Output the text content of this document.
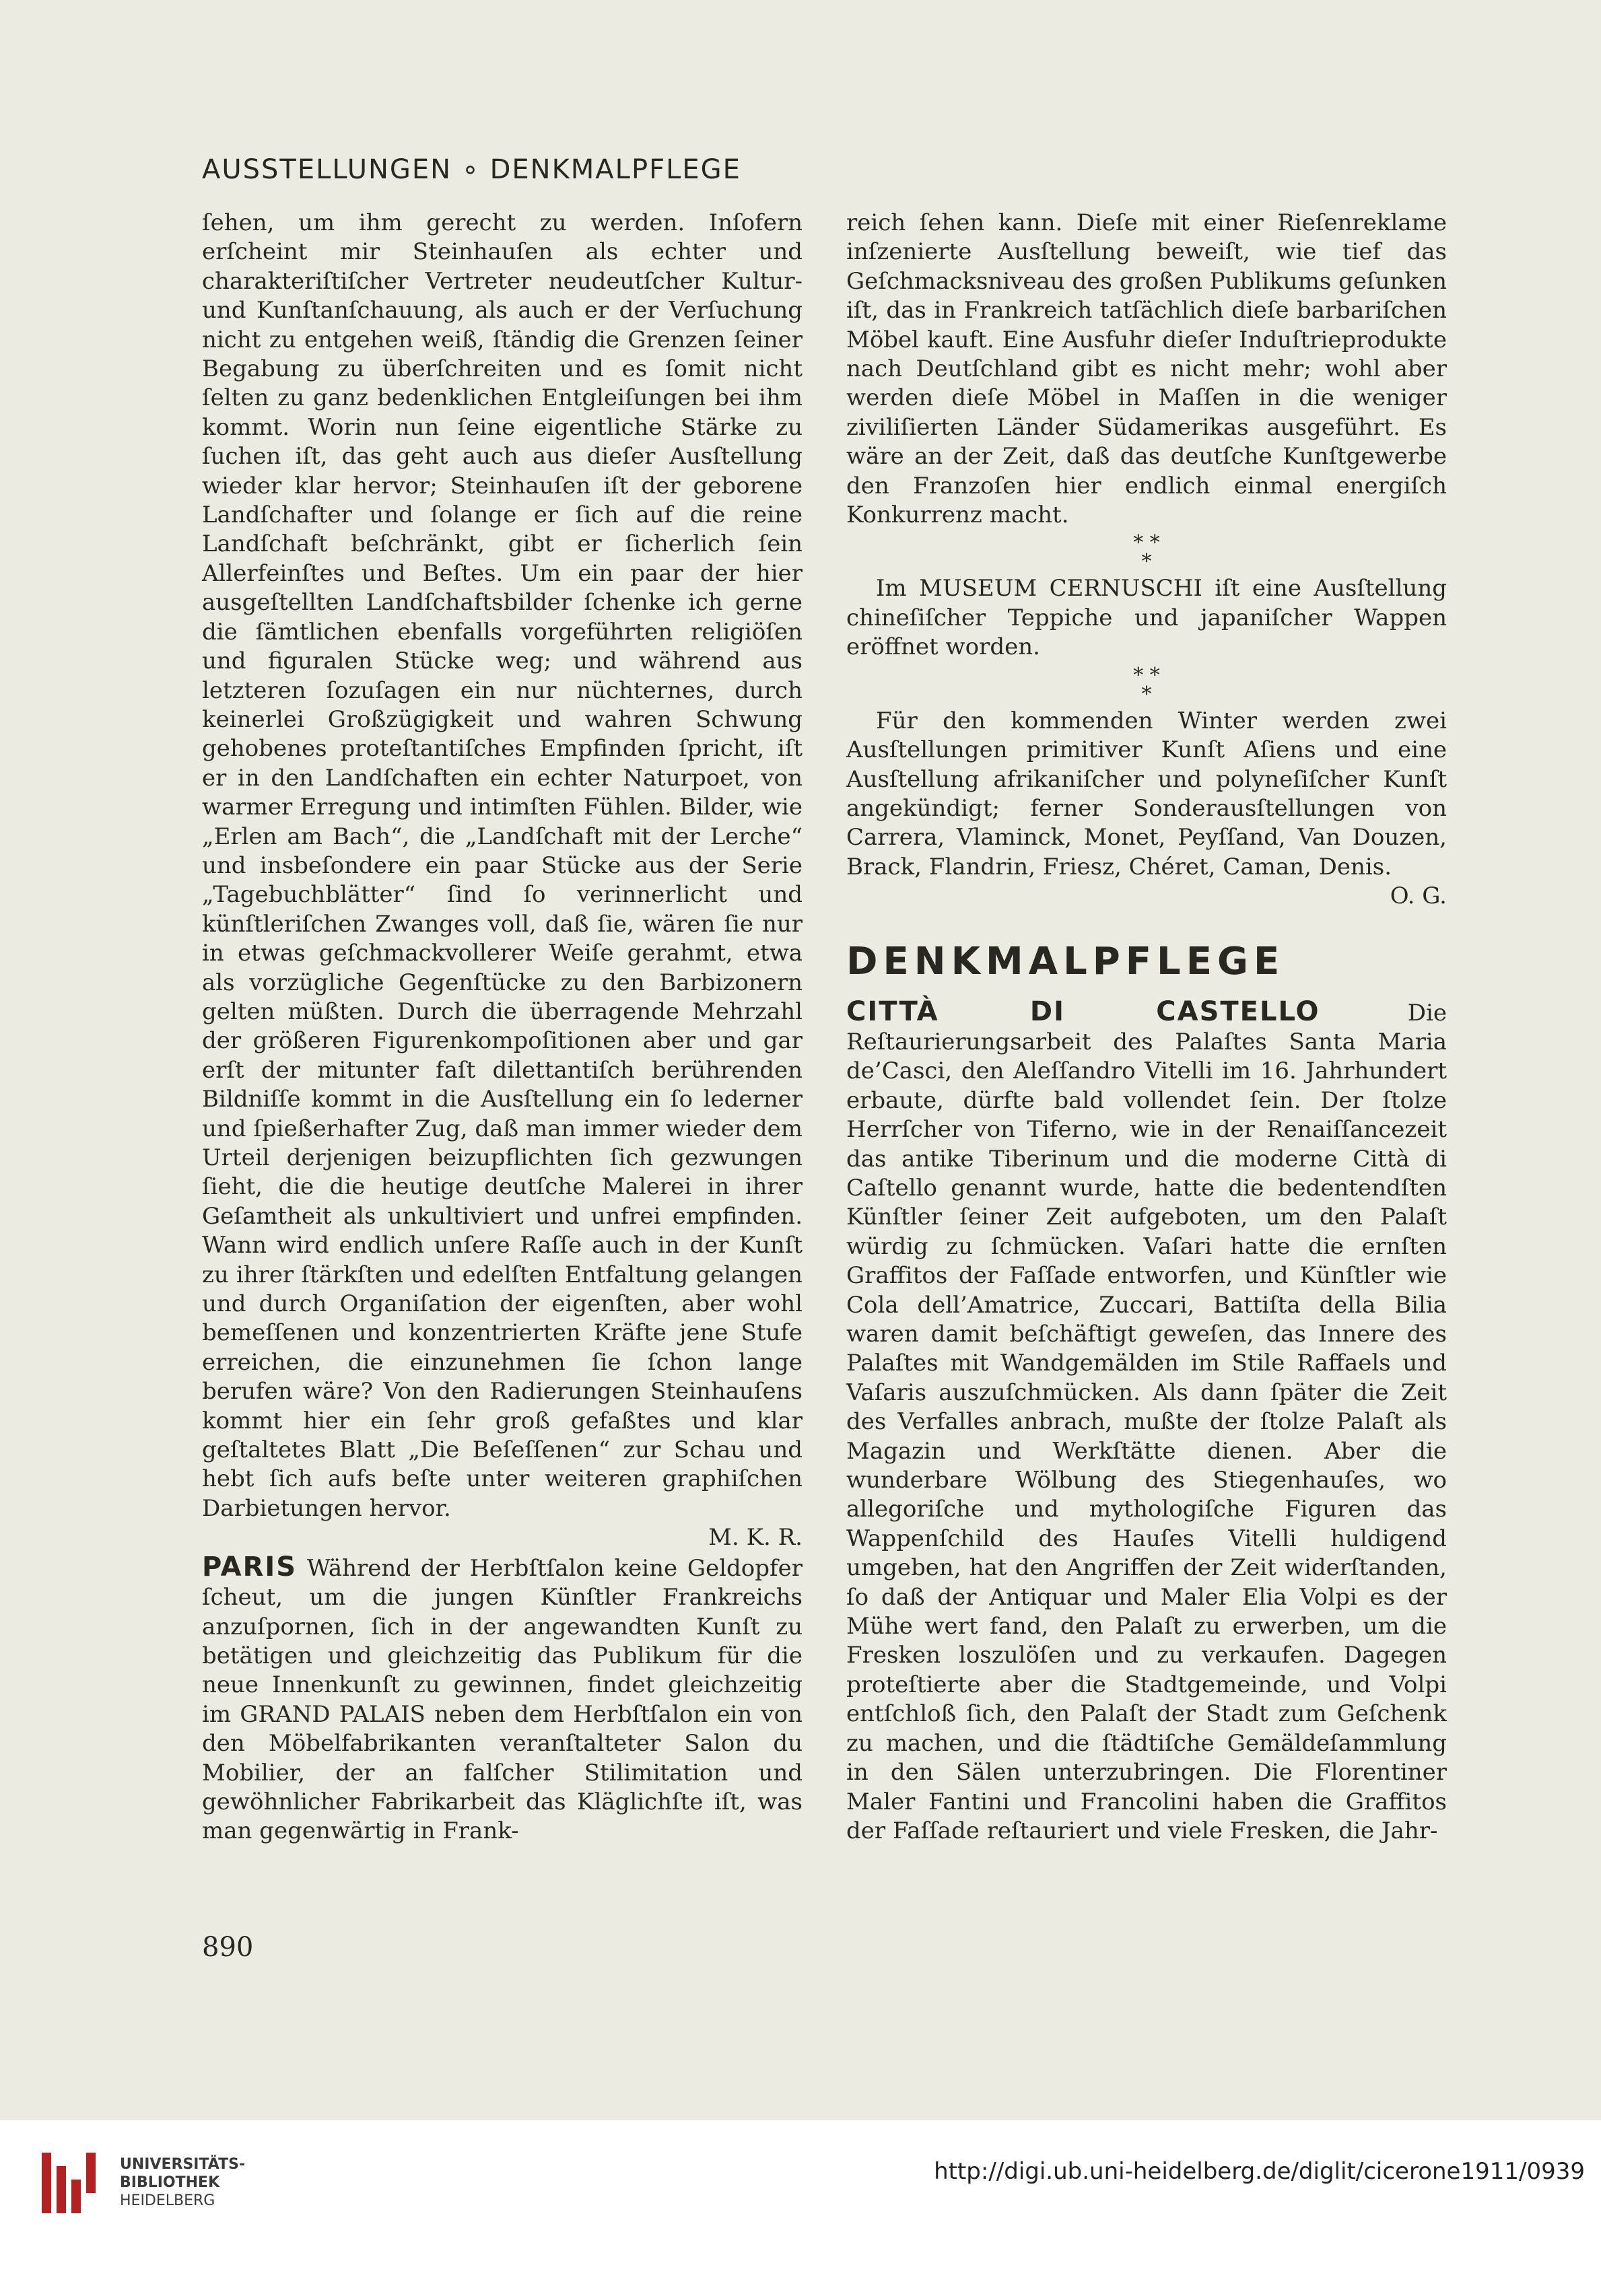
AUSSTELLUNGEN ∘ DENKMALPFLEGE

ſehen, um ihm gerecht zu werden. Inſofern erſcheint mir Steinhauſen als echter und charakteriſtiſcher Vertreter neudeutſcher Kultur- und Kunſtanſchauung, als auch er der Verſuchung nicht zu entgehen weiß, ſtändig die Grenzen ſeiner Begabung zu überſchreiten und es ſomit nicht ſelten zu ganz bedenklichen Entgleiſungen bei ihm kommt. Worin nun ſeine eigentliche Stärke zu ſuchen iſt, das geht auch aus dieſer Ausſtellung wieder klar hervor; Steinhauſen iſt der geborene Landſchafter und ſolange er ſich auf die reine Landſchaft beſchränkt, gibt er ſicherlich ſein Allerfeinſtes und Beſtes. Um ein paar der hier ausgeſtellten Landſchaftsbilder ſchenke ich gerne die ſämtlichen ebenfalls vorgeführten religiöſen und figuralen Stücke weg; und während aus letzteren ſozuſagen ein nur nüchternes, durch keinerlei Großzügigkeit und wahren Schwung gehobenes proteſtantiſches Empfinden ſpricht, iſt er in den Landſchaften ein echter Naturpoet, von warmer Erregung und intimſten Fühlen. Bilder, wie „Erlen am Bach“, die „Landſchaft mit der Lerche“ und insbeſondere ein paar Stücke aus der Serie „Tagebuchblätter“ ſind ſo verinnerlicht und künſtleriſchen Zwanges voll, daß ſie, wären ſie nur in etwas geſchmackvollerer Weiſe gerahmt, etwa als vorzügliche Gegenſtücke zu den Barbizonern gelten müßten. Durch die überragende Mehrzahl der größeren Figurenkompoſitionen aber und gar erſt der mitunter faſt dilettantiſch berührenden Bildniſſe kommt in die Ausſtellung ein ſo lederner und ſpießerhafter Zug, daß man immer wieder dem Urteil derjenigen beizupflichten ſich gezwungen ſieht, die die heutige deutſche Malerei in ihrer Geſamtheit als unkultiviert und unfrei empfinden. Wann wird endlich unſere Raſſe auch in der Kunſt zu ihrer ſtärkſten und edelſten Entfaltung gelangen und durch Organiſation der eigenſten, aber wohl bemeſſenen und konzentrierten Kräfte jene Stufe erreichen, die einzunehmen ſie ſchon lange berufen wäre? Von den Radierungen Steinhauſens kommt hier ein ſehr groß gefaßtes und klar geſtaltetes Blatt „Die Beſeſſenen“ zur Schau und hebt ſich aufs beſte unter weiteren graphiſchen Darbietungen hervor.

M. K. R.

PARIS Während der Herbſtſalon keine Geldopfer ſcheut, um die jungen Künſtler Frankreichs anzuſpornen, ſich in der angewandten Kunſt zu betätigen und gleichzeitig das Publikum für die neue Innenkunſt zu gewinnen, findet gleichzeitig im GRAND PALAIS neben dem Herbſtſalon ein von den Möbelfabrikanten veranſtalteter Salon du Mobilier, der an falſcher Stilimitation und gewöhnlicher Fabrikarbeit das Kläglichſte iſt, was man gegenwärtig in Frank-

reich ſehen kann. Dieſe mit einer Rieſenreklame inſzenierte Ausſtellung beweiſt, wie tief das Geſchmacksniveau des großen Publikums geſunken iſt, das in Frankreich tatſächlich dieſe barbariſchen Möbel kauft. Eine Ausfuhr dieſer Induſtrieprodukte nach Deutſchland gibt es nicht mehr; wohl aber werden dieſe Möbel in Maſſen in die weniger ziviliſierten Länder Südamerikas ausgeführt. Es wäre an der Zeit, daß das deutſche Kunſtgewerbe den Franzoſen hier endlich einmal energiſch Konkurrenz macht.

* *
*

Im MUSEUM CERNUSCHI iſt eine Ausſtellung chineſiſcher Teppiche und japaniſcher Wappen eröffnet worden.

* *
*

Für den kommenden Winter werden zwei Ausſtellungen primitiver Kunſt Aſiens und eine Ausſtellung afrikaniſcher und polyneſiſcher Kunſt angekündigt; ferner Sonderausſtellungen von Carrera, Vlaminck, Monet, Peyſſand, Van Douzen, Brack, Flandrin, Friesz, Chéret, Caman, Denis.

O. G.

DENKMALPFLEGE

CITTÀ DI CASTELLO	Die Reſtaurierungsarbeit des Palaſtes Santa Maria de’Casci, den Aleſſandro Vitelli im 16. Jahrhundert erbaute, dürfte bald vollendet ſein. Der ſtolze Herrſcher von Tiferno, wie in der Renaiſſancezeit das antike Tiberinum und die moderne Città di Caſtello genannt wurde, hatte die bedentendſten Künſtler ſeiner Zeit aufgeboten, um den Palaſt würdig zu ſchmücken. Vaſari hatte die ernſten Graffitos der Faſſade entworfen, und Künſtler wie Cola dell’Amatrice, Zuccari, Battiſta della Bilia waren damit beſchäftigt geweſen, das Innere des Palaſtes mit Wandgemälden im Stile Raffaels und Vaſaris auszuſchmücken. Als dann ſpäter die Zeit des Verfalles anbrach, mußte der ſtolze Palaſt als Magazin und Werkſtätte dienen. Aber die wunderbare Wölbung des Stiegenhauſes, wo allegoriſche und mythologiſche Figuren das Wappenſchild des Hauſes Vitelli huldigend umgeben, hat den Angriffen der Zeit widerſtanden, ſo daß der Antiquar und Maler Elia Volpi es der Mühe wert fand, den Palaſt zu erwerben, um die Fresken loszulöſen und zu verkaufen. Dagegen proteſtierte aber die Stadtgemeinde, und Volpi entſchloß ſich, den Palaſt der Stadt zum Geſchenk zu machen, und die ſtädtiſche Gemäldeſammlung in den Sälen unterzubringen. Die Florentiner Maler Fantini und Francolini haben die Graffitos der Faſſade reſtauriert und viele Fresken, die Jahr-

890
UNIVERSITÄTS-
BIBLIOTHEK
HEIDELBERG
http://digi.ub.uni-heidelberg.de/diglit/cicerone1911/0939
